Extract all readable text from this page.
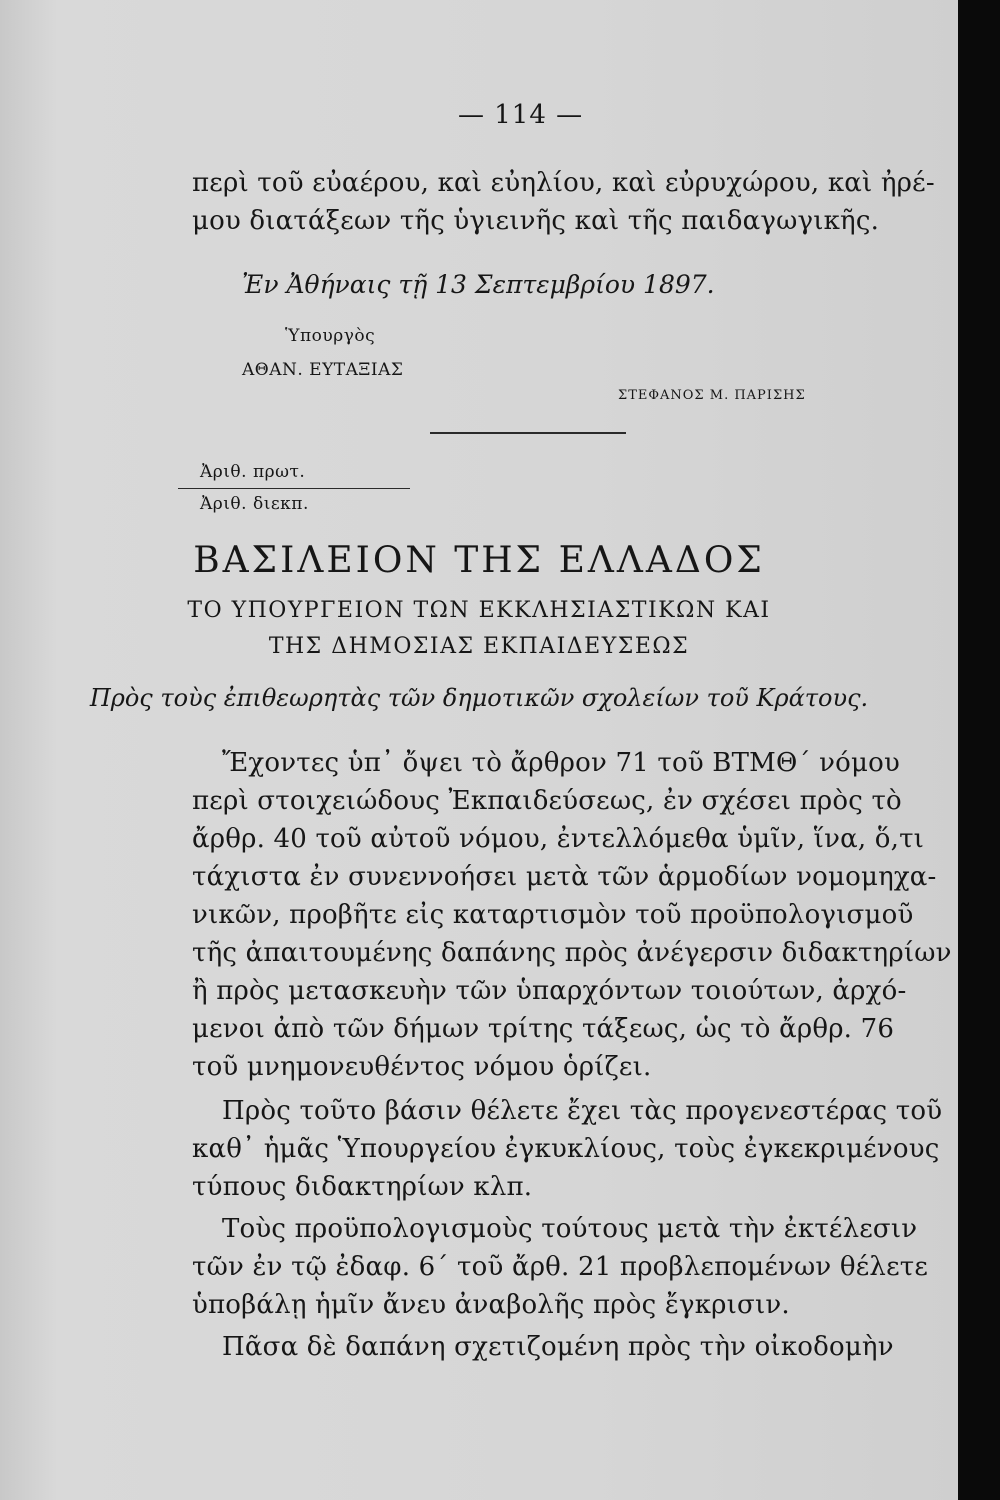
— 114 —
περὶ τοῦ εὐαέρου, καὶ εὐηλίου, καὶ εὐρυχώρου, καὶ ἠρέ-
μου διατάξεων τῆς ὑγιεινῆς καὶ τῆς παιδαγωγικῆς.
Ἐν Ἀθήναις τῇ 13 Σεπτεμβρίου 1897.
Ὑπουργὸς
ΑΘΑΝ. ΕΥΤΑΞΙΑΣ
ΣΤΕΦΑΝΟΣ Μ. ΠΑΡΙΣΗΣ
Ἀριθ. πρωτ.
Ἀριθ. διεκπ.
ΒΑΣΙΛΕΙΟΝ ΤΗΣ ΕΛΛΑΔΟΣ
ΤΟ ΥΠΟΥΡΓΕΙΟΝ ΤΩΝ ΕΚΚΛΗΣΙΑΣΤΙΚΩΝ ΚΑΙ
ΤΗΣ ΔΗΜΟΣΙΑΣ ΕΚΠΑΙΔΕΥΣΕΩΣ
Πρὸς τοὺς ἐπιθεωρητὰς τῶν δημοτικῶν σχολείων τοῦ Κράτους.
Ἔχοντες ὑπ᾽ ὄψει τὸ ἄρθρον 71 τοῦ ΒΤΜΘ΄ νόμου
περὶ στοιχειώδους Ἐκπαιδεύσεως, ἐν σχέσει πρὸς τὸ
ἄρθρ. 40 τοῦ αὐτοῦ νόμου, ἐντελλόμεθα ὑμῖν, ἵνα, ὅ,τι
τάχιστα ἐν συνεννοήσει μετὰ τῶν ἁρμοδίων νομομηχα-
νικῶν, προβῆτε εἰς καταρτισμὸν τοῦ προϋπολογισμοῦ
τῆς ἀπαιτουμένης δαπάνης πρὸς ἀνέγερσιν διδακτηρίων
ἢ πρὸς μετασκευὴν τῶν ὑπαρχόντων τοιούτων, ἀρχό-
μενοι ἀπὸ τῶν δήμων τρίτης τάξεως, ὡς τὸ ἄρθρ. 76
τοῦ μνημονευθέντος νόμου ὁρίζει.
Πρὸς τοῦτο βάσιν θέλετε ἔχει τὰς προγενεστέρας τοῦ
καθ᾽ ἡμᾶς Ὑπουργείου ἐγκυκλίους, τοὺς ἐγκεκριμένους
τύπους διδακτηρίων κλπ.
Τοὺς προϋπολογισμοὺς τούτους μετὰ τὴν ἐκτέλεσιν
τῶν ἐν τῷ ἐδαφ. 6΄ τοῦ ἄρθ. 21 προβλεπομένων θέλετε
ὑποβάλῃ ἡμῖν ἄνευ ἀναβολῆς πρὸς ἔγκρισιν.
Πᾶσα δὲ δαπάνη σχετιζομένη πρὸς τὴν οἰκοδομὴν
